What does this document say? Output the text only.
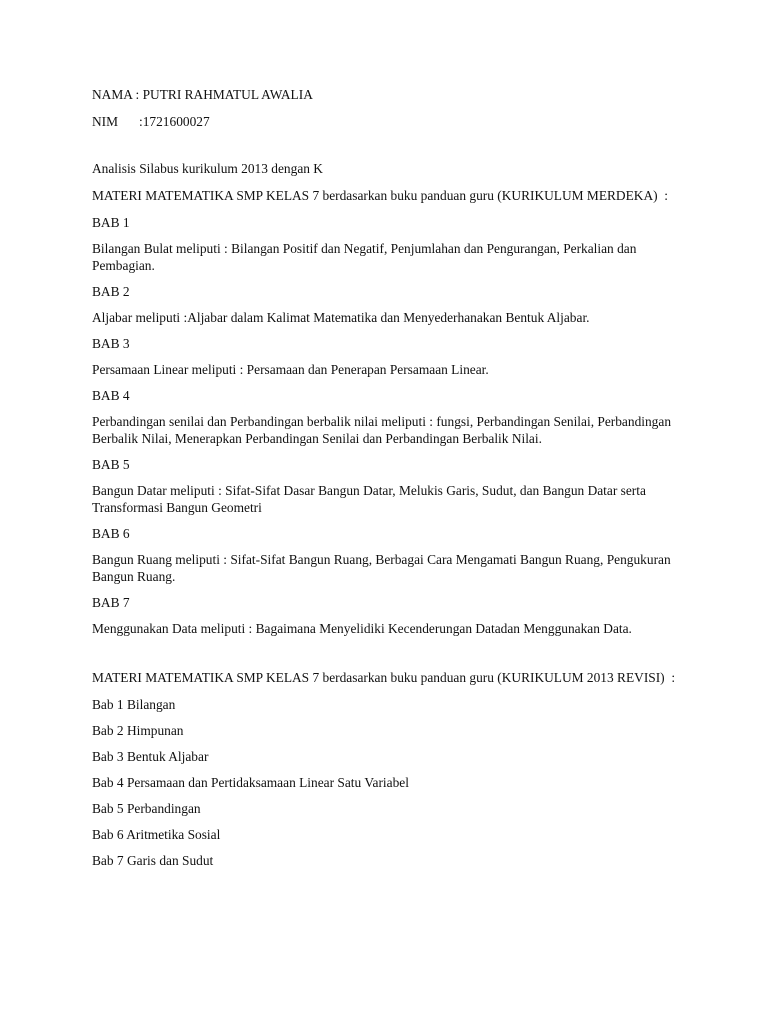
NAMA : PUTRI RAHMATUL AWALIA

NIM :1721600027

Analisis Silabus kurikulum 2013 dengan K

MATERI MATEMATIKA SMP KELAS 7 berdasarkan buku panduan guru (KURIKULUM MERDEKA)  :

BAB 1

Bilangan Bulat meliputi : Bilangan Positif dan Negatif, Penjumlahan dan Pengurangan, Perkalian dan Pembagian.

BAB 2

Aljabar meliputi :Aljabar dalam Kalimat Matematika dan Menyederhanakan Bentuk Aljabar.

BAB 3

Persamaan Linear meliputi : Persamaan dan Penerapan Persamaan Linear.

BAB 4

Perbandingan senilai dan Perbandingan berbalik nilai meliputi : fungsi, Perbandingan Senilai, Perbandingan Berbalik Nilai, Menerapkan Perbandingan Senilai dan Perbandingan Berbalik Nilai.

BAB 5

Bangun Datar meliputi : Sifat-Sifat Dasar Bangun Datar, Melukis Garis, Sudut, dan Bangun Datar serta Transformasi Bangun Geometri

BAB 6

Bangun Ruang meliputi : Sifat-Sifat Bangun Ruang, Berbagai Cara Mengamati Bangun Ruang, Pengukuran Bangun Ruang.

BAB 7

Menggunakan Data meliputi : Bagaimana Menyelidiki Kecenderungan Datadan Menggunakan Data.

MATERI MATEMATIKA SMP KELAS 7 berdasarkan buku panduan guru (KURIKULUM 2013 REVISI)  :

Bab 1 Bilangan

Bab 2 Himpunan

Bab 3 Bentuk Aljabar

Bab 4 Persamaan dan Pertidaksamaan Linear Satu Variabel

Bab 5 Perbandingan

Bab 6 Aritmetika Sosial

Bab 7 Garis dan Sudut
